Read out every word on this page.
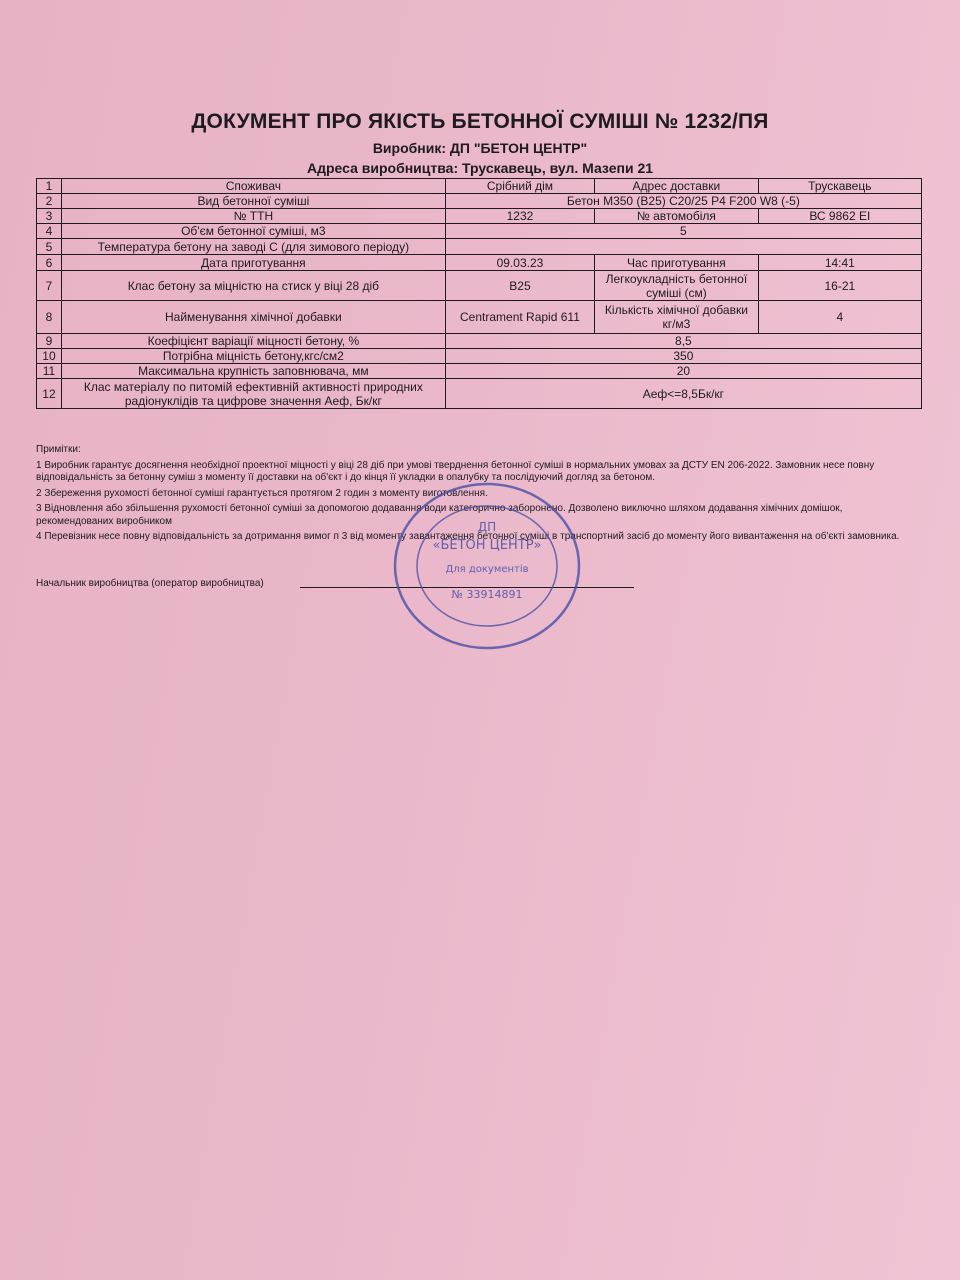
ДОКУМЕНТ ПРО ЯКІСТЬ БЕТОННОЇ СУМІШІ № 1232/ПЯ
Виробник: ДП "БЕТОН ЦЕНТР"
Адреса виробництва: Трускавець, вул. Мазепи 21
1	Споживач	Срібний дім	Адрес доставки	Трускавець
2	Вид бетонної суміші	Бетон М350 (В25) С20/25 Р4 F200 W8 (-5)		
3	№ ТТН	1232	№ автомобіля	ВС 9862 ЕІ
4	Об'єм бетонної суміші, м3	5		
5	Температура бетону на заводі С (для зимового періоду)			
6	Дата приготування	09.03.23	Час приготування	14:41
7	Клас бетону за міцністю на стиск у віці 28 діб	В25	Легкоукладність бетонної суміші (см)	16-21
8	Найменування хімічної добавки	Centrament Rapid 611	Кількість хімічної добавки кг/м3	4
9	Коефіцієнт варіації міцності бетону, %	8,5		
10	Потрібна міцність бетону,кгс/см2	350		
11	Максимальна крупність заповнювача, мм	20		
12	Клас матеріалу по питомій ефективній активності природних радіонуклідів та цифрове значення Аеф, Бк/кг	Аеф<=8,5Бк/кг		

Примітки:

1 Виробник гарантує досягнення необхідної проектної міцності у віці 28 діб при умові тверднення бетонної суміші в нормальних умовах за ДСТУ EN 206-2022. Замовник несе повну відповідальність за бетонну суміш з моменту її доставки на об'єкт і до кінця її укладки в опалубку та послідуючий догляд за бетоном.

2 Збереження рухомості бетонної суміші гарантується протягом 2 годин з моменту виготовлення.

3 Відновлення або збільшення рухомості бетонної суміші за допомогою додавання води категорично заборонено. Дозволено виключно шляхом додавання хімічних домішок, рекомендованих виробником

4 Перевізник несе повну відповідальність за дотримання вимог п 3 від моменту завантаження бетонної суміші в транспортний засіб до моменту його вивантаження на об'єкті замовника.

Начальник виробництва (оператор виробництва)
ДП
«БЕТОН ЦЕНТР»
Для документів
№ 33914891
